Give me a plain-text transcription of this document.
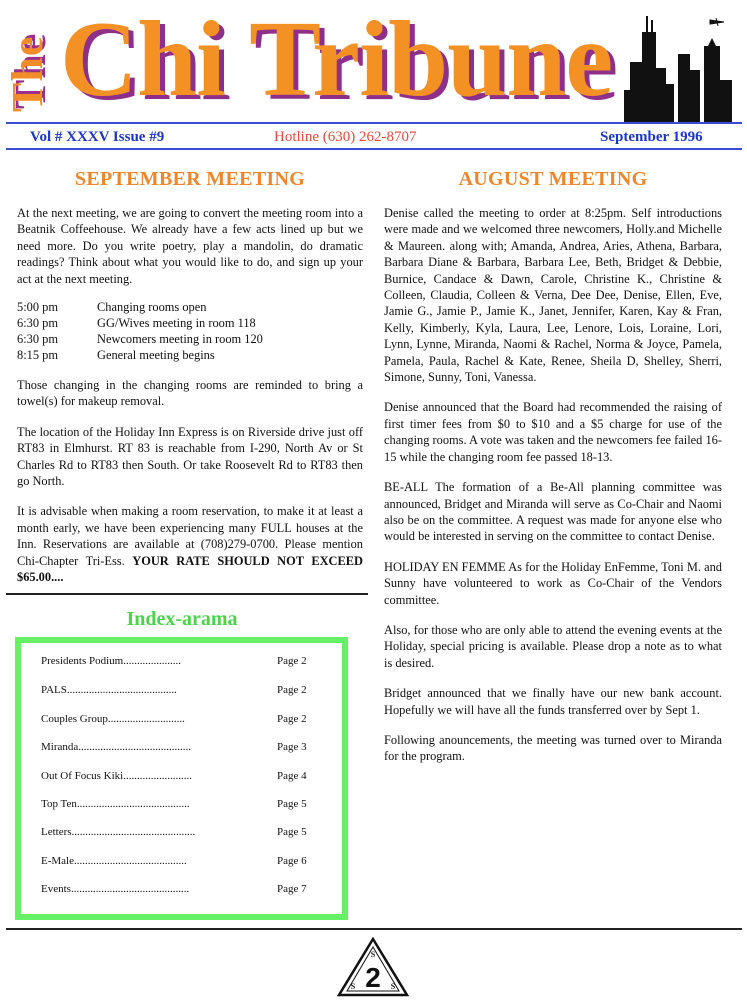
The Chi Tribune
Vol # XXXV Issue #9	Hotline (630) 262-8707	September 1996
SEPTEMBER MEETING

At the next meeting, we are going to convert the meeting room into a Beatnik Coffeehouse. We already have a few acts lined up but we need more. Do you write poetry, play a mandolin, do dramatic readings? Think about what you would like to do, and sign up your act at the next meeting.

5:00 pm	Changing rooms open
6:30 pm	GG/Wives meeting in room 118
6:30 pm	Newcomers meeting in room 120
8:15 pm	General meeting begins

Those changing in the changing rooms are reminded to bring a towel(s) for makeup removal.

The location of the Holiday Inn Express is on Riverside drive just off RT83 in Elmhurst. RT 83 is reachable from I-290, North Av or St Charles Rd to RT83 then South. Or take Roosevelt Rd to RT83 then go North.

It is advisable when making a room reservation, to make it at least a month early, we have been experiencing many FULL houses at the Inn. Reservations are available at (708)279-0700. Please mention Chi-Chapter Tri-Ess. YOUR RATE SHOULD NOT EXCEED $65.00....

Index-arama
Presidents Podium.....................	Page 2
PALS........................................	Page 2
Couples Group............................	Page 2
Miranda.........................................	Page 3
Out Of Focus Kiki.........................	Page 4
Top Ten.........................................	Page 5
Letters.............................................	Page 5
E-Male.........................................	Page 6
Events...........................................	Page 7
AUGUST MEETING

Denise called the meeting to order at 8:25pm. Self introductions were made and we welcomed three newcomers, Holly.and Michelle & Maureen. along with; Amanda, Andrea, Aries, Athena, Barbara, Barbara Diane & Barbara, Barbara Lee, Beth, Bridget & Debbie, Burnice, Candace & Dawn, Carole, Christine K., Christine & Colleen, Claudia, Colleen & Verna, Dee Dee, Denise, Ellen, Eve, Jamie G., Jamie P., Jamie K., Janet, Jennifer, Karen, Kay & Fran, Kelly, Kimberly, Kyla, Laura, Lee, Lenore, Lois, Loraine, Lori, Lynn, Lynne, Miranda, Naomi & Rachel, Norma & Joyce, Pamela, Pamela, Paula, Rachel & Kate, Renee, Sheila D, Shelley, Sherri, Simone, Sunny, Toni, Vanessa.

Denise announced that the Board had recommended the raising of first timer fees from $0 to $10 and a $5 charge for use of the changing rooms. A vote was taken and the newcomers fee failed 16-15 while the changing room fee passed 18-13.

BE-ALL The formation of a Be-All planning committee was announced, Bridget and Miranda will serve as Co-Chair and Naomi also be on the committee. A request was made for anyone else who would be interested in serving on the committee to contact Denise.

HOLIDAY EN FEMME As for the Holiday EnFemme, Toni M. and Sunny have volunteered to work as Co-Chair of the Vendors committee.

Also, for those who are only able to attend the evening events at the Holiday, special pricing is available. Please drop a note as to what is desired.

Bridget announced that we finally have our new bank account. Hopefully we will have all the funds transferred over by Sept 1.

Following anouncements, the meeting was turned over to Miranda for the program.

S
S	S
2
